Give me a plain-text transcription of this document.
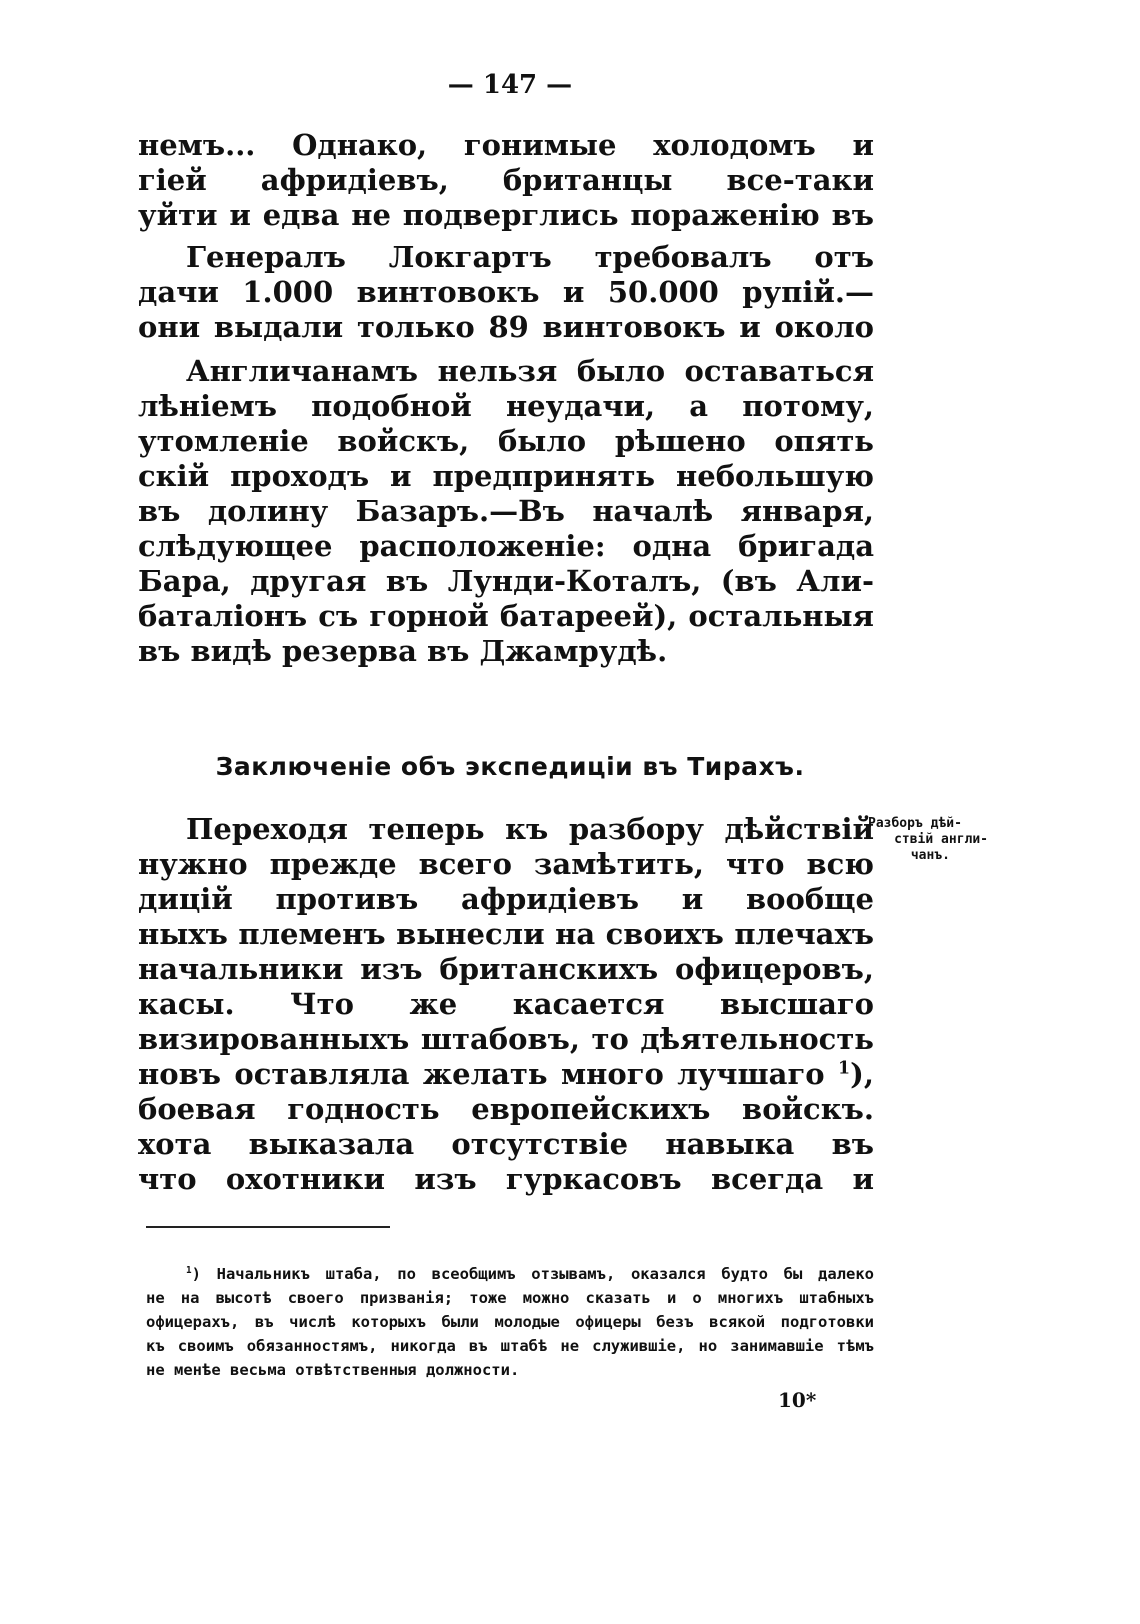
— 147 —
немъ... Однако, гонимые холодомъ и
гіей афридіевъ, британцы все-таки
уйти и едва не подверглись пораженію въ
Генералъ Локгартъ требовалъ отъ
дачи 1.000 винтовокъ и 50.000 рупій.—
они выдали только 89 винтовокъ и около
Англичанамъ нельзя было оставаться
лѣніемъ подобной неудачи, а потому,
утомленіе войскъ, было рѣшено опять
скій проходъ и предпринять небольшую
въ долину Базаръ.—Въ началѣ января,
слѣдующее расположеніе: одна бригада
Бара, другая въ Лунди-Коталъ, (въ Али-
баталіонъ съ горной батареей), остальныя
въ видѣ резерва въ Джамрудѣ.
Заключеніе объ экспедиціи въ Тирахъ.
Переходя теперь къ разбору дѣйствій
нужно прежде всего замѣтить, что всю
дицій противъ афридіевъ и вообще
ныхъ племенъ вынесли на своихъ плечахъ
начальники изъ британскихъ офицеровъ,
касы. Что же касается высшаго
визированныхъ штабовъ, то дѣятельность
новъ оставляла желать много лучшаго $^1$),
боевая годность европейскихъ войскъ.
хота выказала отсутствіе навыка въ
что охотники изъ гуркасовъ всегда и
Разборъ дѣй-
ствій англи-
чанъ.
$^1$) Начальникъ штаба, по всеобщимъ отзывамъ, оказался будто бы далеко
не на высотѣ своего призванія; тоже можно сказать и о многихъ штабныхъ
офицерахъ, въ числѣ которыхъ были молодые офицеры безъ всякой подготовки
къ своимъ обязанностямъ, никогда въ штабѣ не служившіе, но занимавшіе тѣмъ
не менѣе весьма отвѣтственныя должности.
10*
